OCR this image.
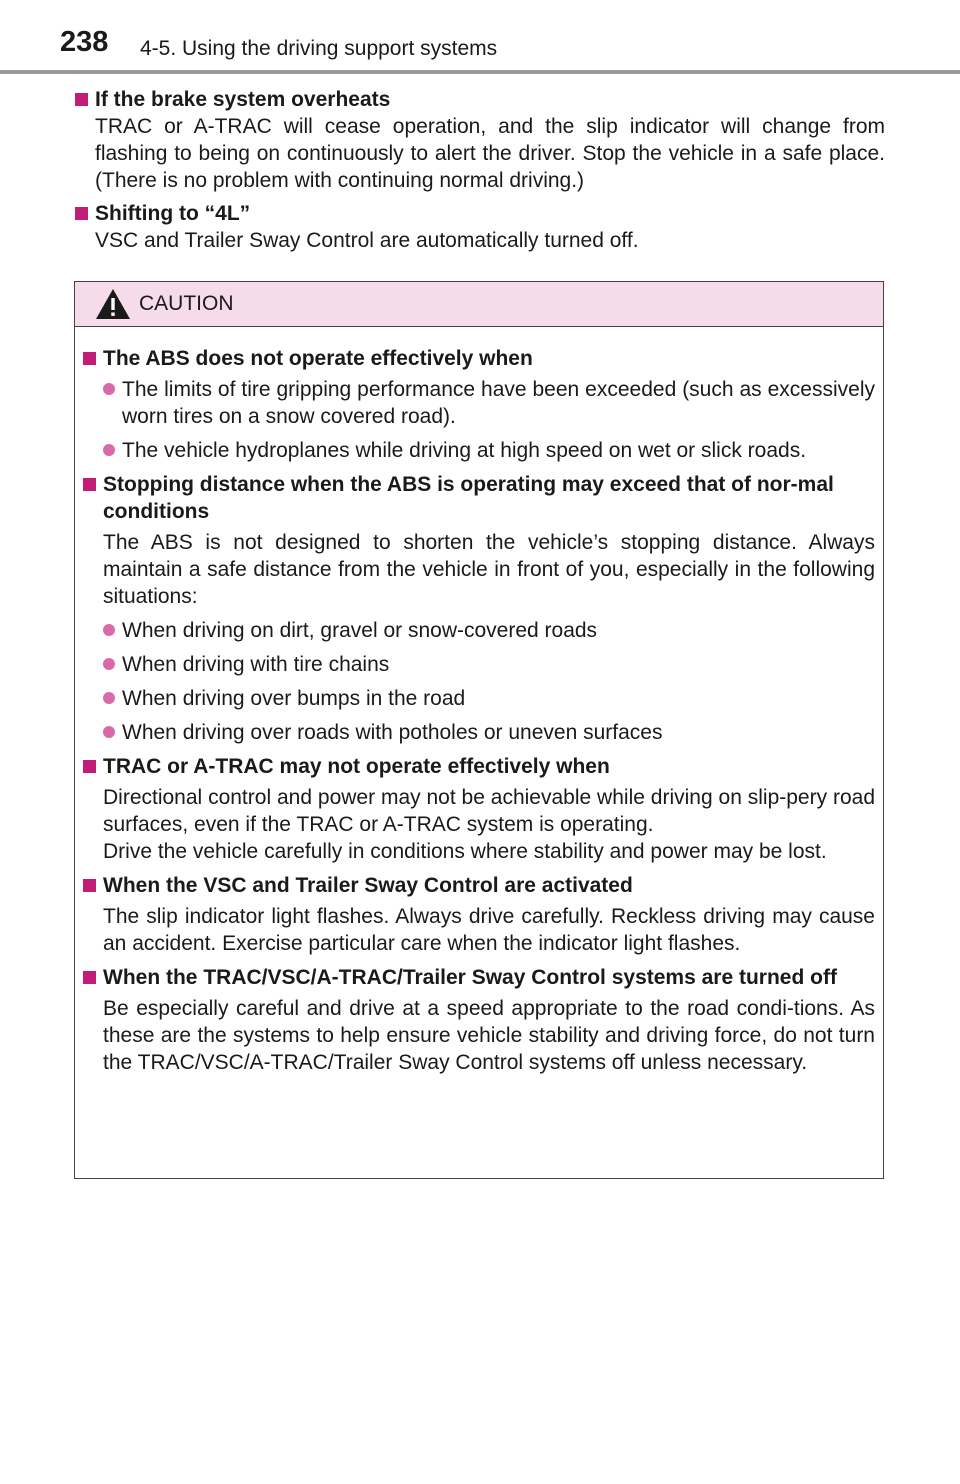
238 4-5. Using the driving support systems
If the brake system overheats
TRAC or A-TRAC will cease operation, and the slip indicator will change from flashing to being on continuously to alert the driver. Stop the vehicle in a safe place. (There is no problem with continuing normal driving.)
Shifting to “4L”
VSC and Trailer Sway Control are automatically turned off.
CAUTION
The ABS does not operate effectively when
The limits of tire gripping performance have been exceeded (such as excessively worn tires on a snow covered road).
The vehicle hydroplanes while driving at high speed on wet or slick roads.
Stopping distance when the ABS is operating may exceed that of nor-mal conditions
The ABS is not designed to shorten the vehicle’s stopping distance. Always maintain a safe distance from the vehicle in front of you, especially in the following situations:
When driving on dirt, gravel or snow-covered roads
When driving with tire chains
When driving over bumps in the road
When driving over roads with potholes or uneven surfaces
TRAC or A-TRAC may not operate effectively when
Directional control and power may not be achievable while driving on slip-pery road surfaces, even if the TRAC or A-TRAC system is operating.
Drive the vehicle carefully in conditions where stability and power may be lost.
When the VSC and Trailer Sway Control are activated
The slip indicator light flashes. Always drive carefully. Reckless driving may cause an accident. Exercise particular care when the indicator light flashes.
When the TRAC/VSC/A-TRAC/Trailer Sway Control systems are turned off
Be especially careful and drive at a speed appropriate to the road condi-tions. As these are the systems to help ensure vehicle stability and driving force, do not turn the TRAC/VSC/A-TRAC/Trailer Sway Control systems off unless necessary.
